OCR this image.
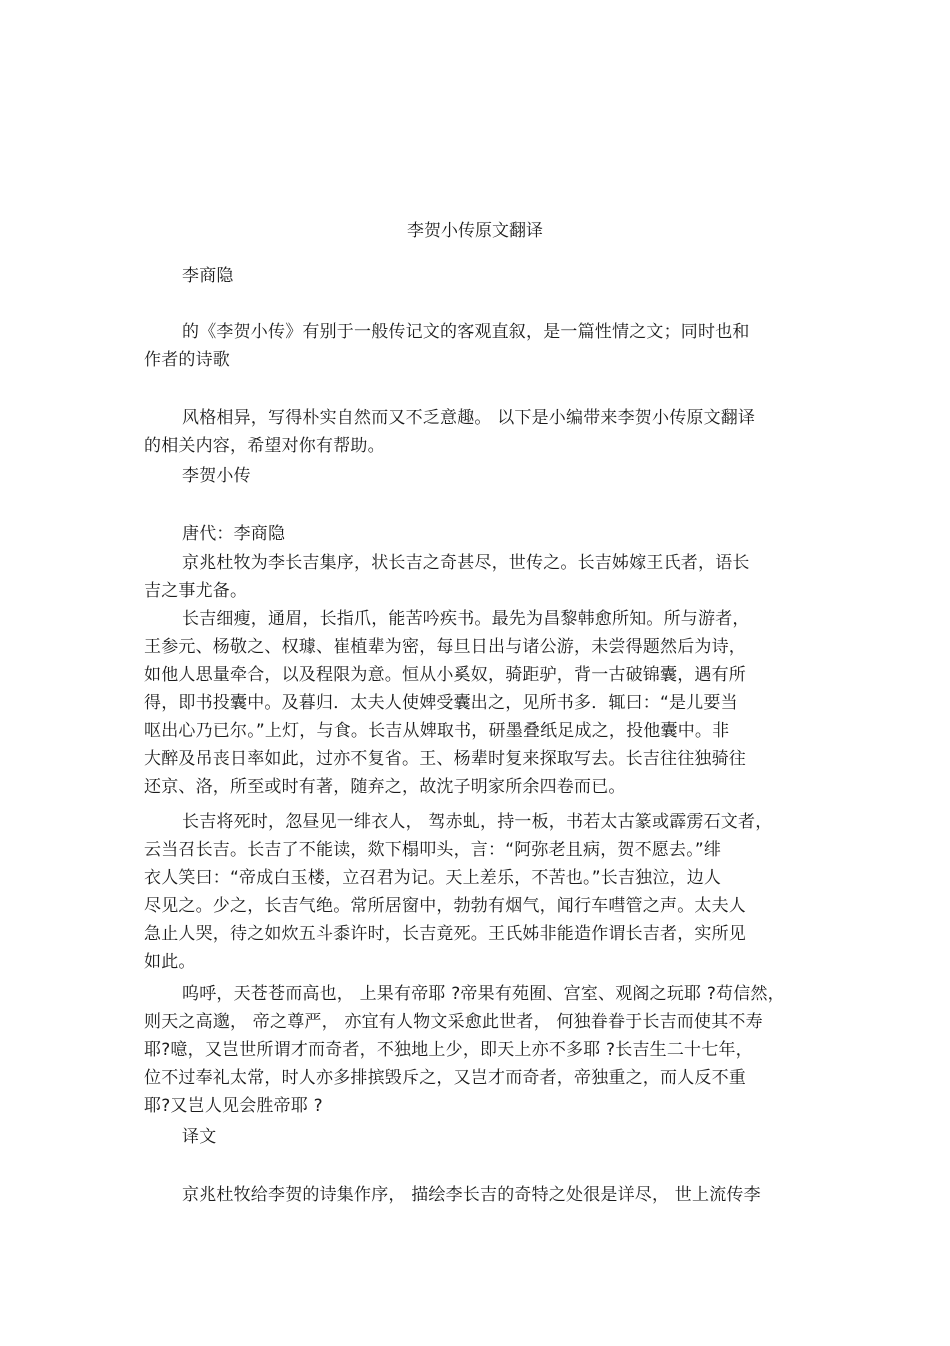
李贺小传原文翻译
李商隐
的《李贺小传》有别于一般传记文的客观直叙，是一篇性情之文；同时也和
作者的诗歌
风格相异，写得朴实自然而又不乏意趣。 以下是小编带来李贺小传原文翻译
的相关内容，希望对你有帮助。
李贺小传
唐代：李商隐
京兆杜牧为李长吉集序，状长吉之奇甚尽，世传之。长吉姊嫁王氏者，语长
吉之事尤备。
长吉细瘦，通眉，长指爪，能苦吟疾书。最先为昌黎韩愈所知。所与游者，
王参元、杨敬之、权璩、崔植辈为密，每旦日出与诸公游，未尝得题然后为诗，
如他人思量牵合，以及程限为意。恒从小奚奴，骑距驴，背一古破锦囊，遇有所
得，即书投囊中。及暮归．太夫人使婢受囊出之，见所书多．辄曰：“是儿要当
呕出心乃已尔。”上灯，与食。长吉从婢取书，研墨叠纸足成之，投他囊中。非
大醉及吊丧日率如此，过亦不复省。王、杨辈时复来探取写去。长吉往往独骑往
还京、洛，所至或时有著，随弃之，故沈子明家所余四卷而已。
长吉将死时，忽昼见一绯衣人， 驾赤虬，持一板，书若太古篆或霹雳石文者，
云当召长吉。长吉了不能读，欻下榻叩头，言：“阿弥老且病，贺不愿去。”绯
衣人笑曰：“帝成白玉楼，立召君为记。天上差乐，不苦也。”长吉独泣，边人
尽见之。少之，长吉气绝。常所居窗中，勃勃有烟气，闻行车嘒管之声。太夫人
急止人哭，待之如炊五斗黍许时，长吉竟死。王氏姊非能造作谓长吉者，实所见
如此。
呜呼，天苍苍而高也， 上果有帝耶 ?帝果有苑囿、宫室、观阁之玩耶 ?苟信然，
则天之高邈， 帝之尊严， 亦宜有人物文采愈此世者， 何独眷眷于长吉而使其不寿
耶?噫，又岂世所谓才而奇者，不独地上少，即天上亦不多耶 ?长吉生二十七年，
位不过奉礼太常，时人亦多排摈毁斥之，又岂才而奇者，帝独重之，而人反不重
耶?又岂人见会胜帝耶 ?
译文
京兆杜牧给李贺的诗集作序， 描绘李长吉的奇特之处很是详尽， 世上流传李
